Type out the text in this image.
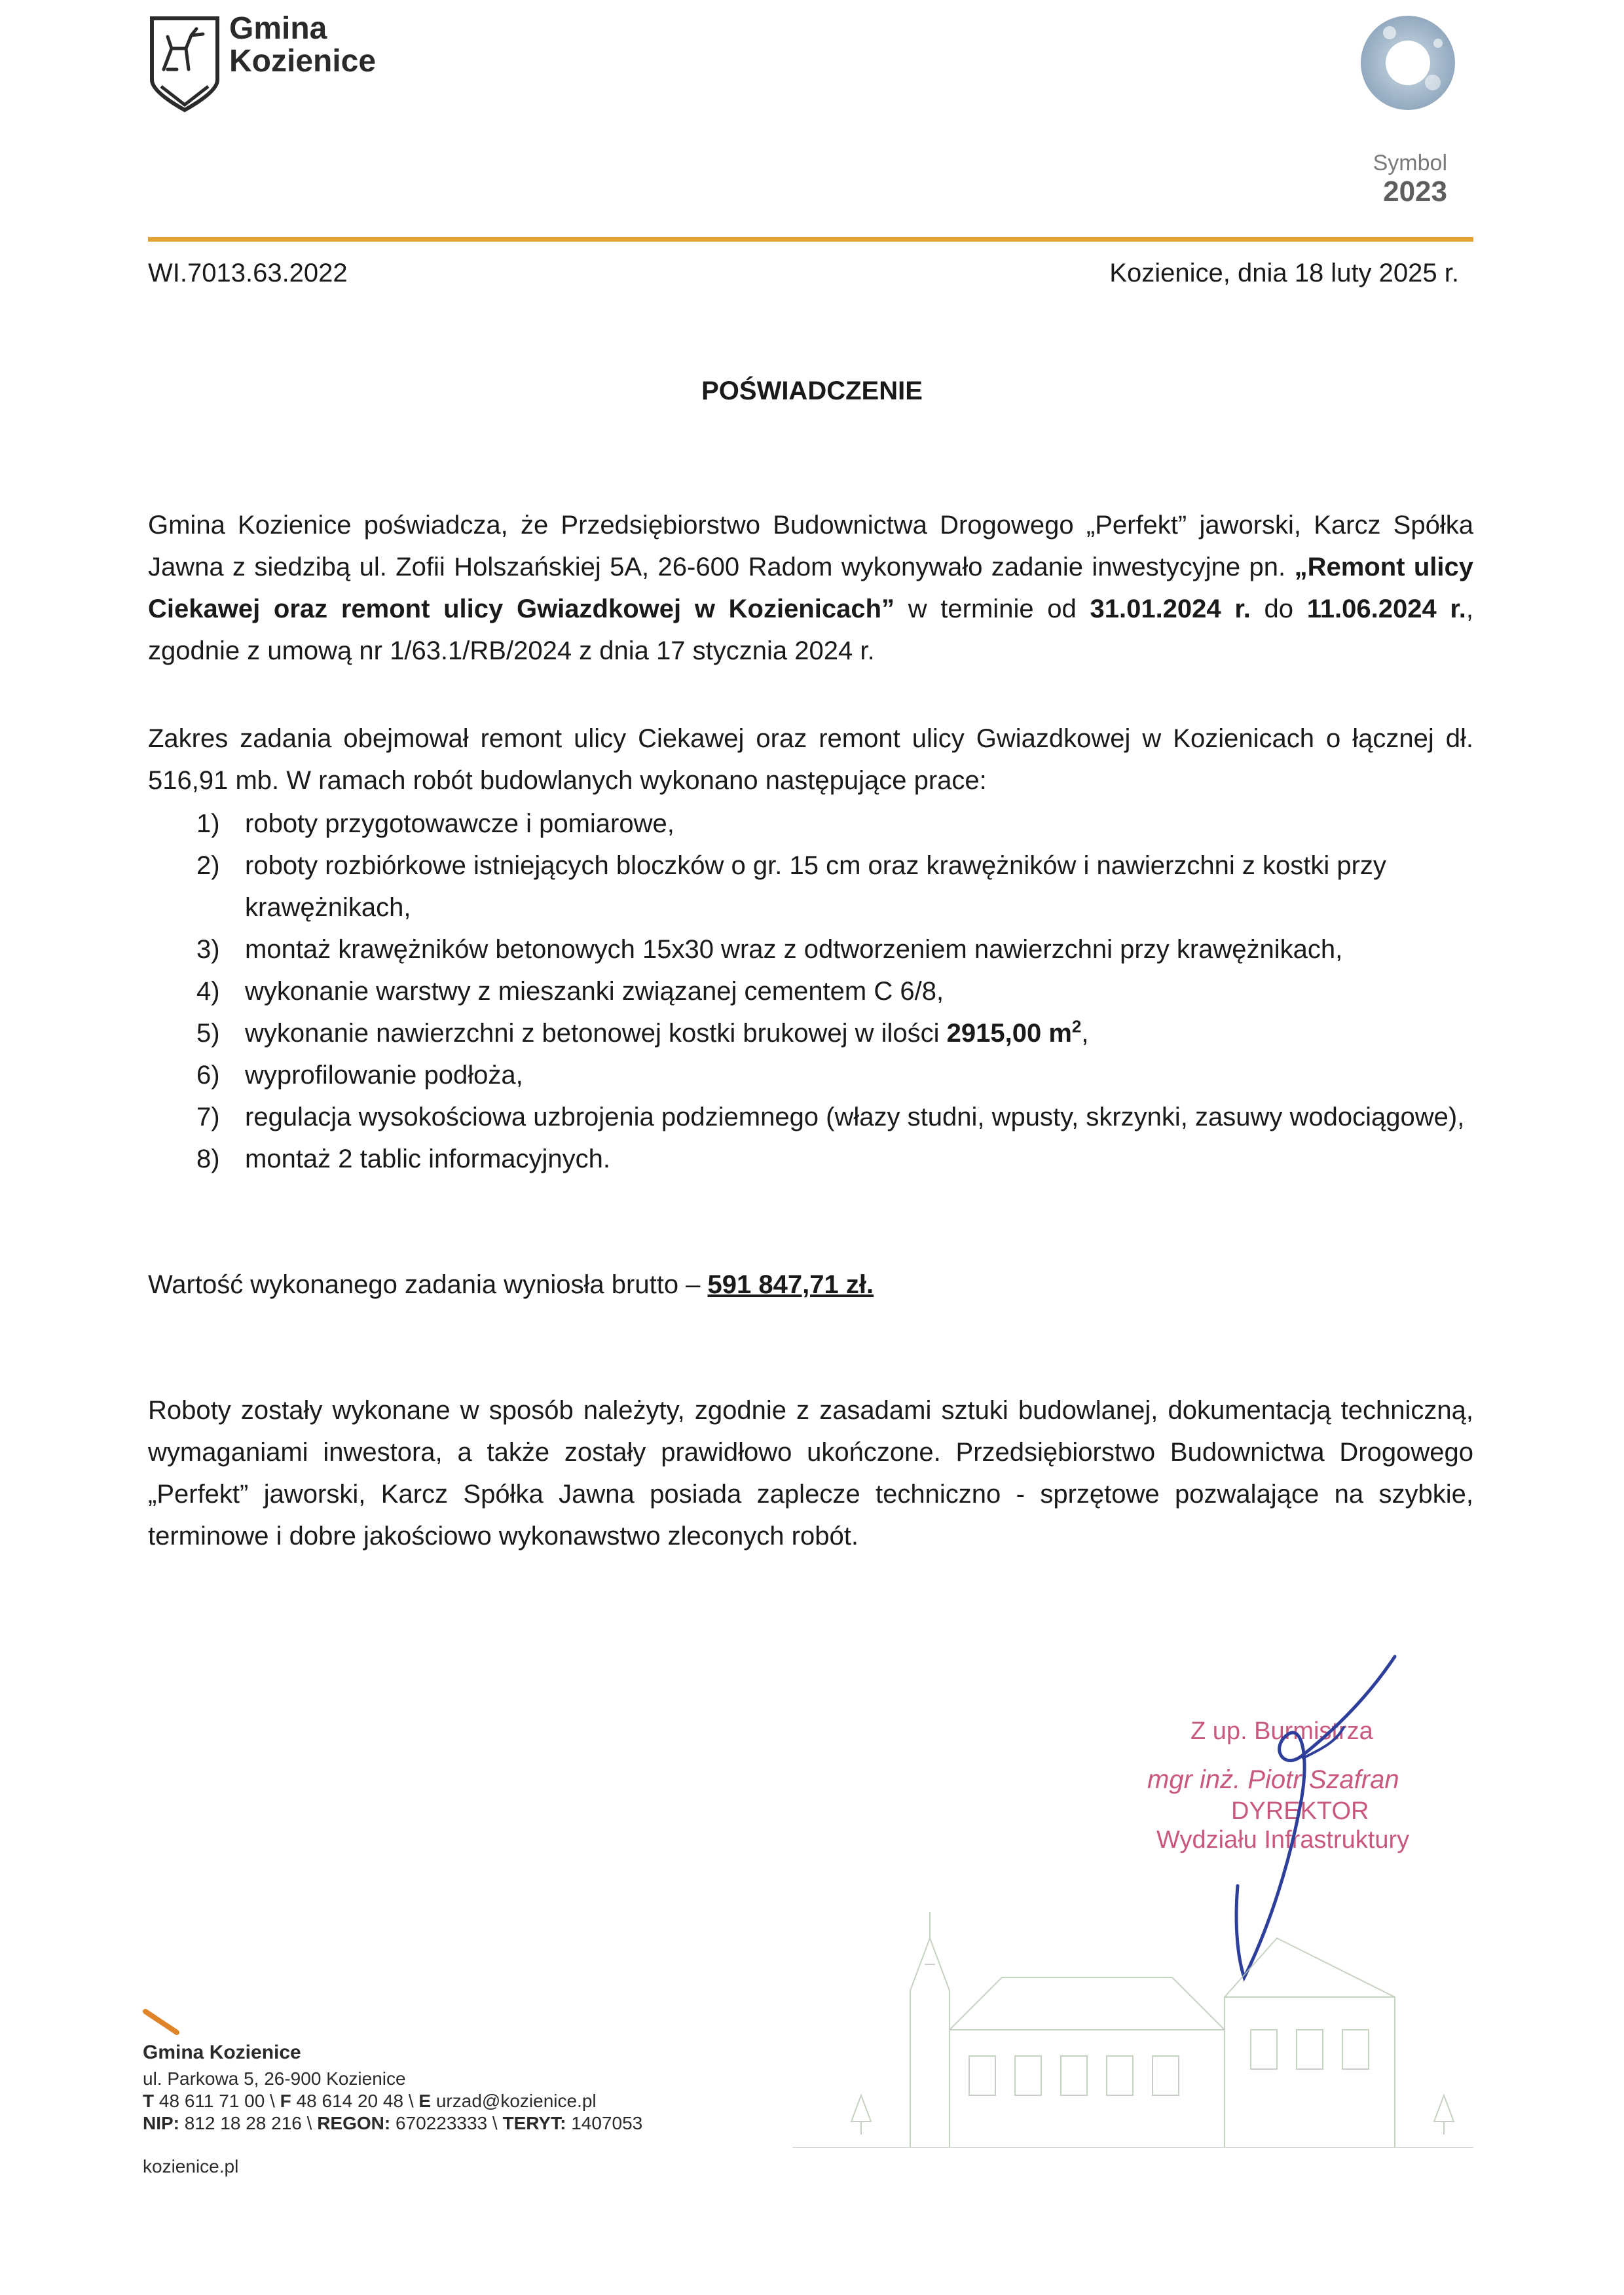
Gmina
Kozienice
Symbol
2023
WI.7013.63.2022	Kozienice, dnia 18 luty 2025 r.
POŚWIADCZENIE

Gmina Kozienice poświadcza, że Przedsiębiorstwo Budownictwa Drogowego „Perfekt” jaworski, Karcz Spółka Jawna z siedzibą ul. Zofii Holszańskiej 5A, 26-600 Radom wykonywało zadanie inwestycyjne pn. „Remont ulicy Ciekawej oraz remont ulicy Gwiazdkowej w Kozienicach” w terminie od 31.01.2024 r. do 11.06.2024 r., zgodnie z umową nr 1/63.1/RB/2024 z dnia 17 stycznia 2024 r.

Zakres zadania obejmował remont ulicy Ciekawej oraz remont ulicy Gwiazdkowej w Kozienicach o łącznej dł. 516,91 mb. W ramach robót budowlanych wykonano następujące prace:

1) roboty przygotowawcze i pomiarowe,
2) roboty rozbiórkowe istniejących bloczków o gr. 15 cm oraz krawężników i nawierzchni z kostki przy krawężnikach,
3) montaż krawężników betonowych 15x30 wraz z odtworzeniem nawierzchni przy krawężnikach,
4) wykonanie warstwy z mieszanki związanej cementem C 6/8,
5) wykonanie nawierzchni z betonowej kostki brukowej w ilości 2915,00 $m^2$,
6) wyprofilowanie podłoża,
7) regulacja wysokościowa uzbrojenia podziemnego (włazy studni, wpusty, skrzynki, zasuwy wodociągowe),
8) montaż 2 tablic informacyjnych.

Wartość wykonanego zadania wyniosła brutto – 591 847,71 zł.

Roboty zostały wykonane w sposób należyty, zgodnie z zasadami sztuki budowlanej, dokumentacją techniczną, wymaganiami inwestora, a także zostały prawidłowo ukończone. Przedsiębiorstwo Budownictwa Drogowego „Perfekt” jaworski, Karcz Spółka Jawna posiada zaplecze techniczno - sprzętowe pozwalające na szybkie, terminowe i dobre jakościowo wykonawstwo zleconych robót.

Z up. Burmistrza
mgr inż. Piotr Szafran
DYREKTOR
Wydziału Infrastruktury
Gmina Kozienice
ul. Parkowa 5, 26-900 Kozienice
T 48 611 71 00 \ F 48 614 20 48 \ E urzad@kozienice.pl
NIP: 812 18 28 216 \ REGON: 670223333 \ TERYT: 1407053
kozienice.pl
